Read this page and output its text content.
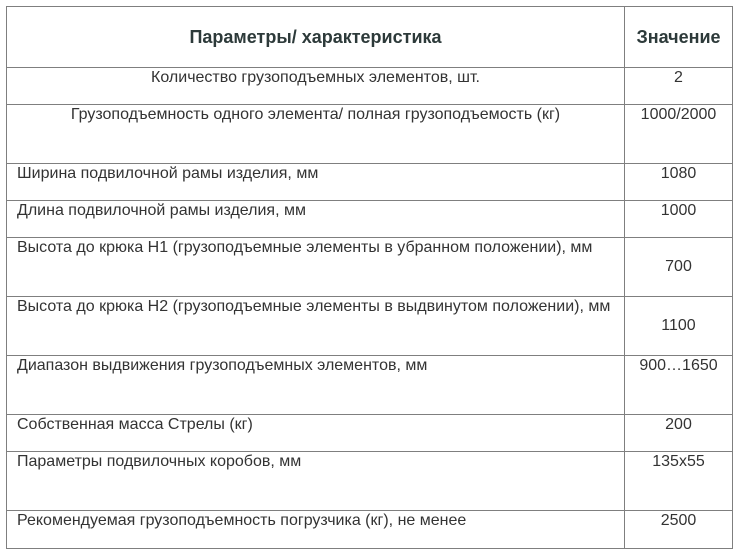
Параметры/ характеристика	Значение
Количество грузоподъемных элементов, шт.	2
Грузоподъемность одного элемента/ полная грузоподъемость (кг)	1000/2000
Ширина подвилочной рамы изделия, мм	1080
Длина подвилочной рамы изделия, мм	1000
Высота до крюка H1 (грузоподъемные элементы в убранном положении), мм	700
Высота до крюка H2 (грузоподъемные элементы в выдвинутом положении), мм	1100
Диапазон выдвижения грузоподъемных элементов, мм	900…1650
Собственная масса Стрелы (кг)	200
Параметры подвилочных коробов, мм	135x55
Рекомендуемая грузоподъемность погрузчика (кг), не менее	2500
